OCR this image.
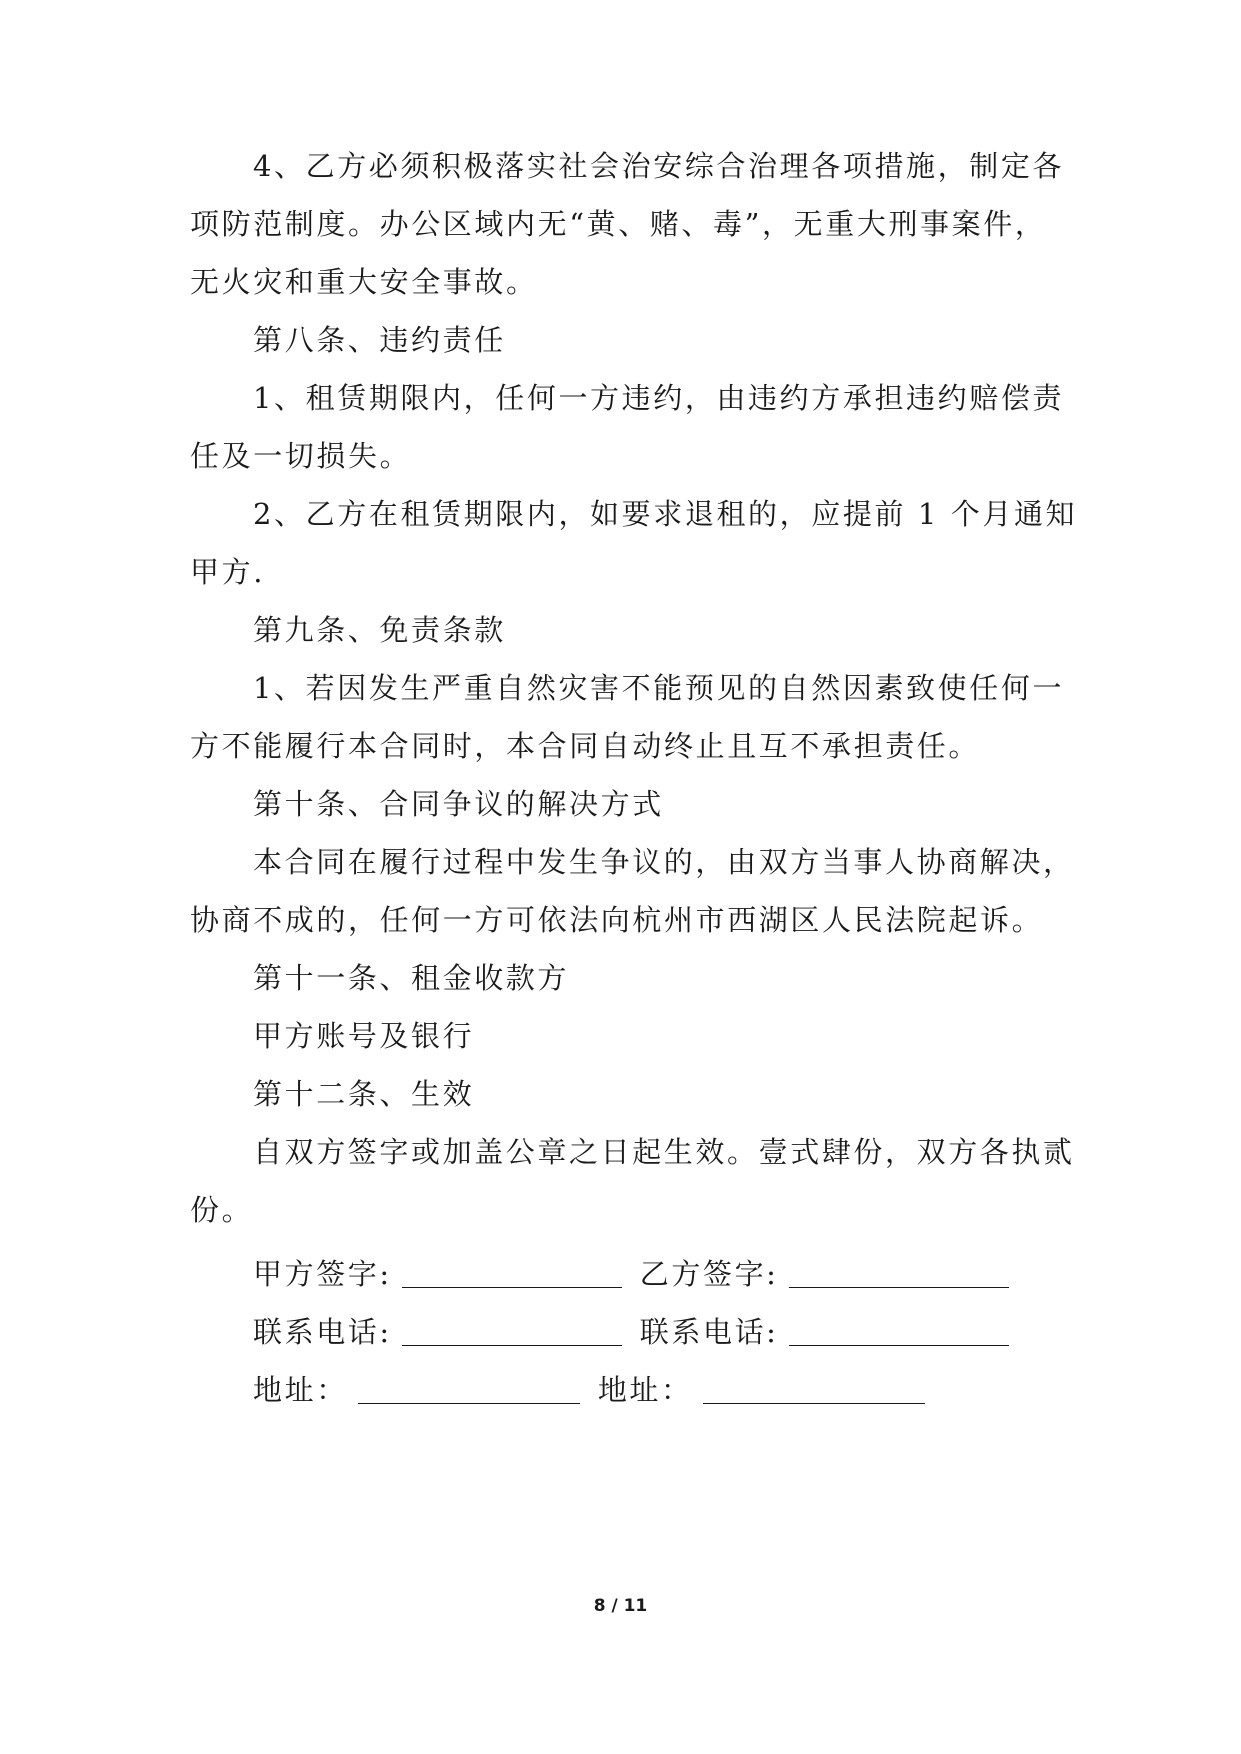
4、乙方必须积极落实社会治安综合治理各项措施，制定各
项防范制度。办公区域内无“黄、赌、毒”，无重大刑事案件，
无火灾和重大安全事故。
第八条、违约责任
1、租赁期限内，任何一方违约，由违约方承担违约赔偿责
任及一切损失。
2、乙方在租赁期限内，如要求退租的，应提前 1 个月通知
甲方.
第九条、免责条款
1、若因发生严重自然灾害不能预见的自然因素致使任何一
方不能履行本合同时，本合同自动终止且互不承担责任。
第十条、合同争议的解决方式
本合同在履行过程中发生争议的，由双方当事人协商解决，
协商不成的，任何一方可依法向杭州市西湖区人民法院起诉。
第十一条、租金收款方
甲方账号及银行
第十二条、生效
自双方签字或加盖公章之日起生效。壹式肆份，双方各执贰
份。
甲方签字:	乙方签字:
联系电话:	联系电话:
地址：	地址：
8 / 11
